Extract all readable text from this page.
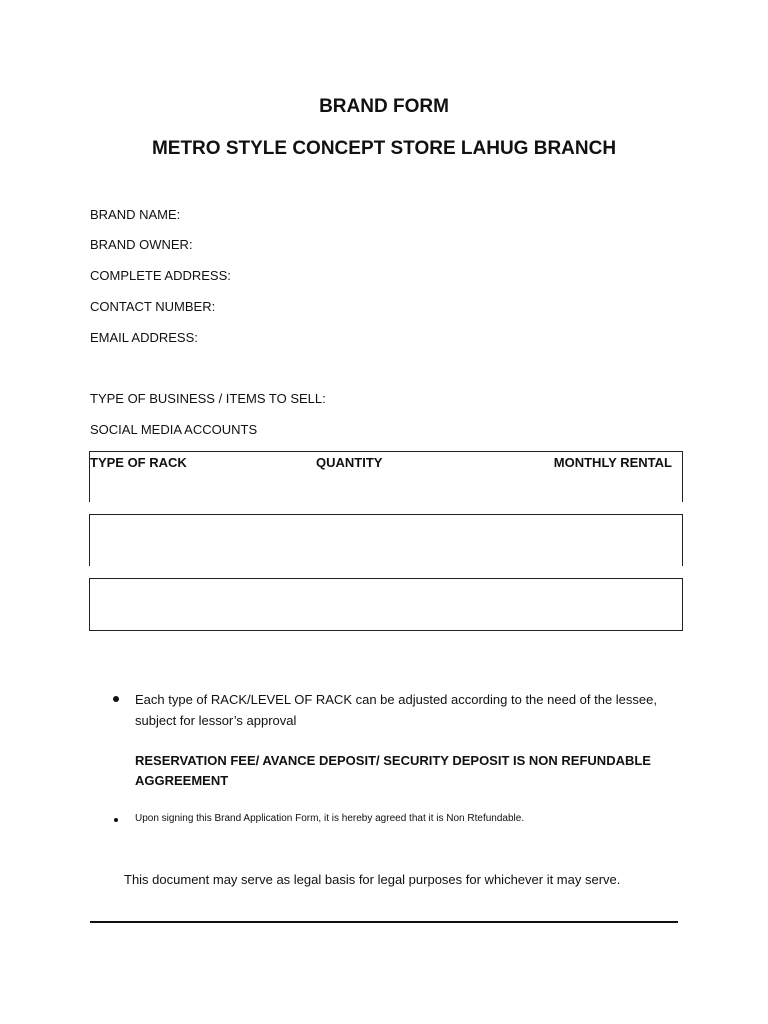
BRAND FORM
METRO STYLE CONCEPT STORE LAHUG BRANCH
BRAND NAME:
BRAND OWNER:
COMPLETE ADDRESS:
CONTACT NUMBER:
EMAIL ADDRESS:
TYPE OF BUSINESS / ITEMS TO SELL:
SOCIAL MEDIA ACCOUNTS
TYPE OF RACK	QUANTITY	MONTHLY RENTAL
Each type of RACK/LEVEL OF RACK can be adjusted according to the need of the lessee, subject for lessor’s approval
RESERVATION FEE/ AVANCE DEPOSIT/ SECURITY DEPOSIT IS NON REFUNDABLE AGGREEMENT
Upon signing this Brand Application Form, it is hereby agreed that it is Non Rtefundable.
This document may serve as legal basis for legal purposes for whichever it may serve.
